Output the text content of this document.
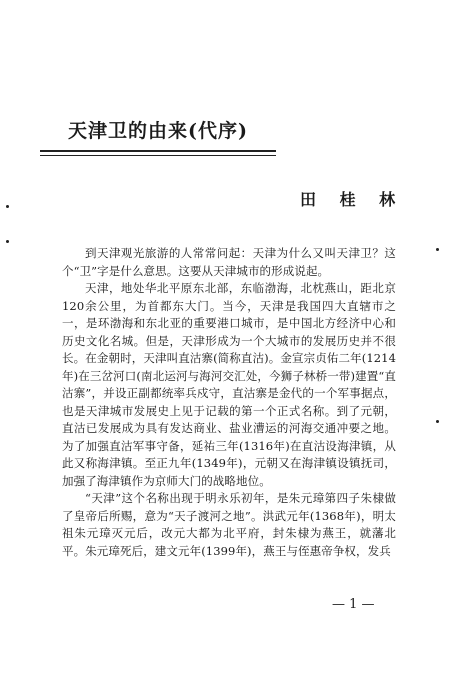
天津卫的由来(代序)
田 桂 林

到天津观光旅游的人常常问起：天津为什么又叫天津卫？这个“卫”字是什么意思。这要从天津城市的形成说起。

天津，地处华北平原东北部，东临渤海，北枕燕山，距北京120余公里，为首都东大门。当今，天津是我国四大直辖市之一，是环渤海和东北亚的重要港口城市，是中国北方经济中心和历史文化名城。但是，天津形成为一个大城市的发展历史并不很长。在金朝时，天津叫直沽寨(简称直沽)。金宣宗贞佑二年(1214年)在三岔河口(南北运河与海河交汇处，今狮子林桥一带)建置“直沽寨”，并设正副都统率兵戍守，直沽寨是金代的一个军事据点，也是天津城市发展史上见于记载的第一个正式名称。到了元朝，直沽已发展成为具有发达商业、盐业漕运的河海交通冲要之地。为了加强直沽军事守备，延祐三年(1316年)在直沽设海津镇，从此又称海津镇。至正九年(1349年)，元朝又在海津镇设镇抚司，加强了海津镇作为京师大门的战略地位。

“天津”这个名称出现于明永乐初年，是朱元璋第四子朱棣做了皇帝后所赐，意为“天子渡河之地”。洪武元年(1368年)，明太祖朱元璋灭元后，改元大都为北平府，封朱棣为燕王，就藩北平。朱元璋死后，建文元年(1399年)，燕王与侄惠帝争权，发兵

— 1 —
